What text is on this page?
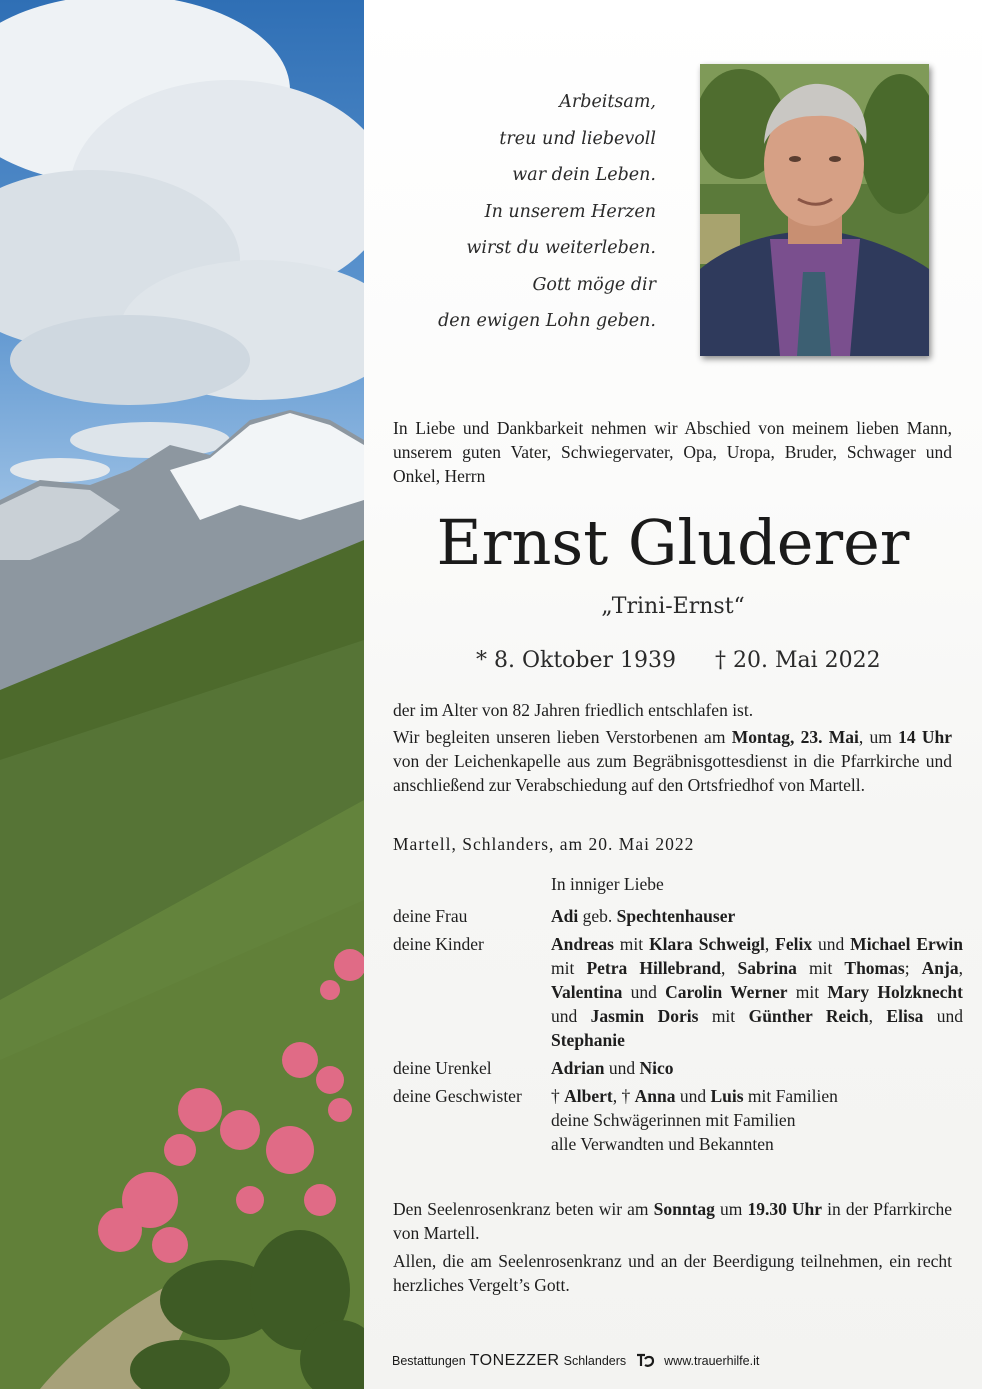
Arbeitsam,
treu und liebevoll
war dein Leben.
In unserem Herzen
wirst du weiterleben.
Gott möge dir
den ewigen Lohn geben.
In Liebe und Dankbarkeit nehmen wir Abschied von meinem lieben Mann, unserem guten Vater, Schwiegervater, Opa, Uropa, Bruder, Schwager und Onkel, Herrn
Ernst Gluderer
„Trini-Ernst“
* 8. Oktober 1939 † 20. Mai 2022
der im Alter von 82 Jahren friedlich entschlafen ist.
Wir begleiten unseren lieben Verstorbenen am Montag, 23. Mai, um 14 Uhr von der Leichenkapelle aus zum Begräbnisgottesdienst in die Pfarrkirche und anschließend zur Verabschiedung auf den Ortsfriedhof von Martell.
Martell, Schlanders, am 20. Mai 2022
In inniger Liebe
deine Frau	Adi geb. Spechtenhauser
deine Kinder	Andreas mit Klara Schweigl, Felix und Michael Erwin mit Petra Hillebrand, Sabrina mit Thomas; Anja, Valentina und Carolin Werner mit Mary Holzknecht und Jasmin Doris mit Günther Reich, Elisa und Stephanie
deine Urenkel	Adrian und Nico
deine Geschwister	† Albert, † Anna und Luis mit Familien
deine Schwägerinnen mit Familien
alle Verwandten und Bekannten
Den Seelenrosenkranz beten wir am Sonntag um 19.30 Uhr in der Pfarrkirche von Martell.
Allen, die am Seelenrosenkranz und an der Beerdigung teilnehmen, ein recht herzliches Vergelt’s Gott.
Bestattungen TONEZZER Schlanders	www.trauerhilfe.it
